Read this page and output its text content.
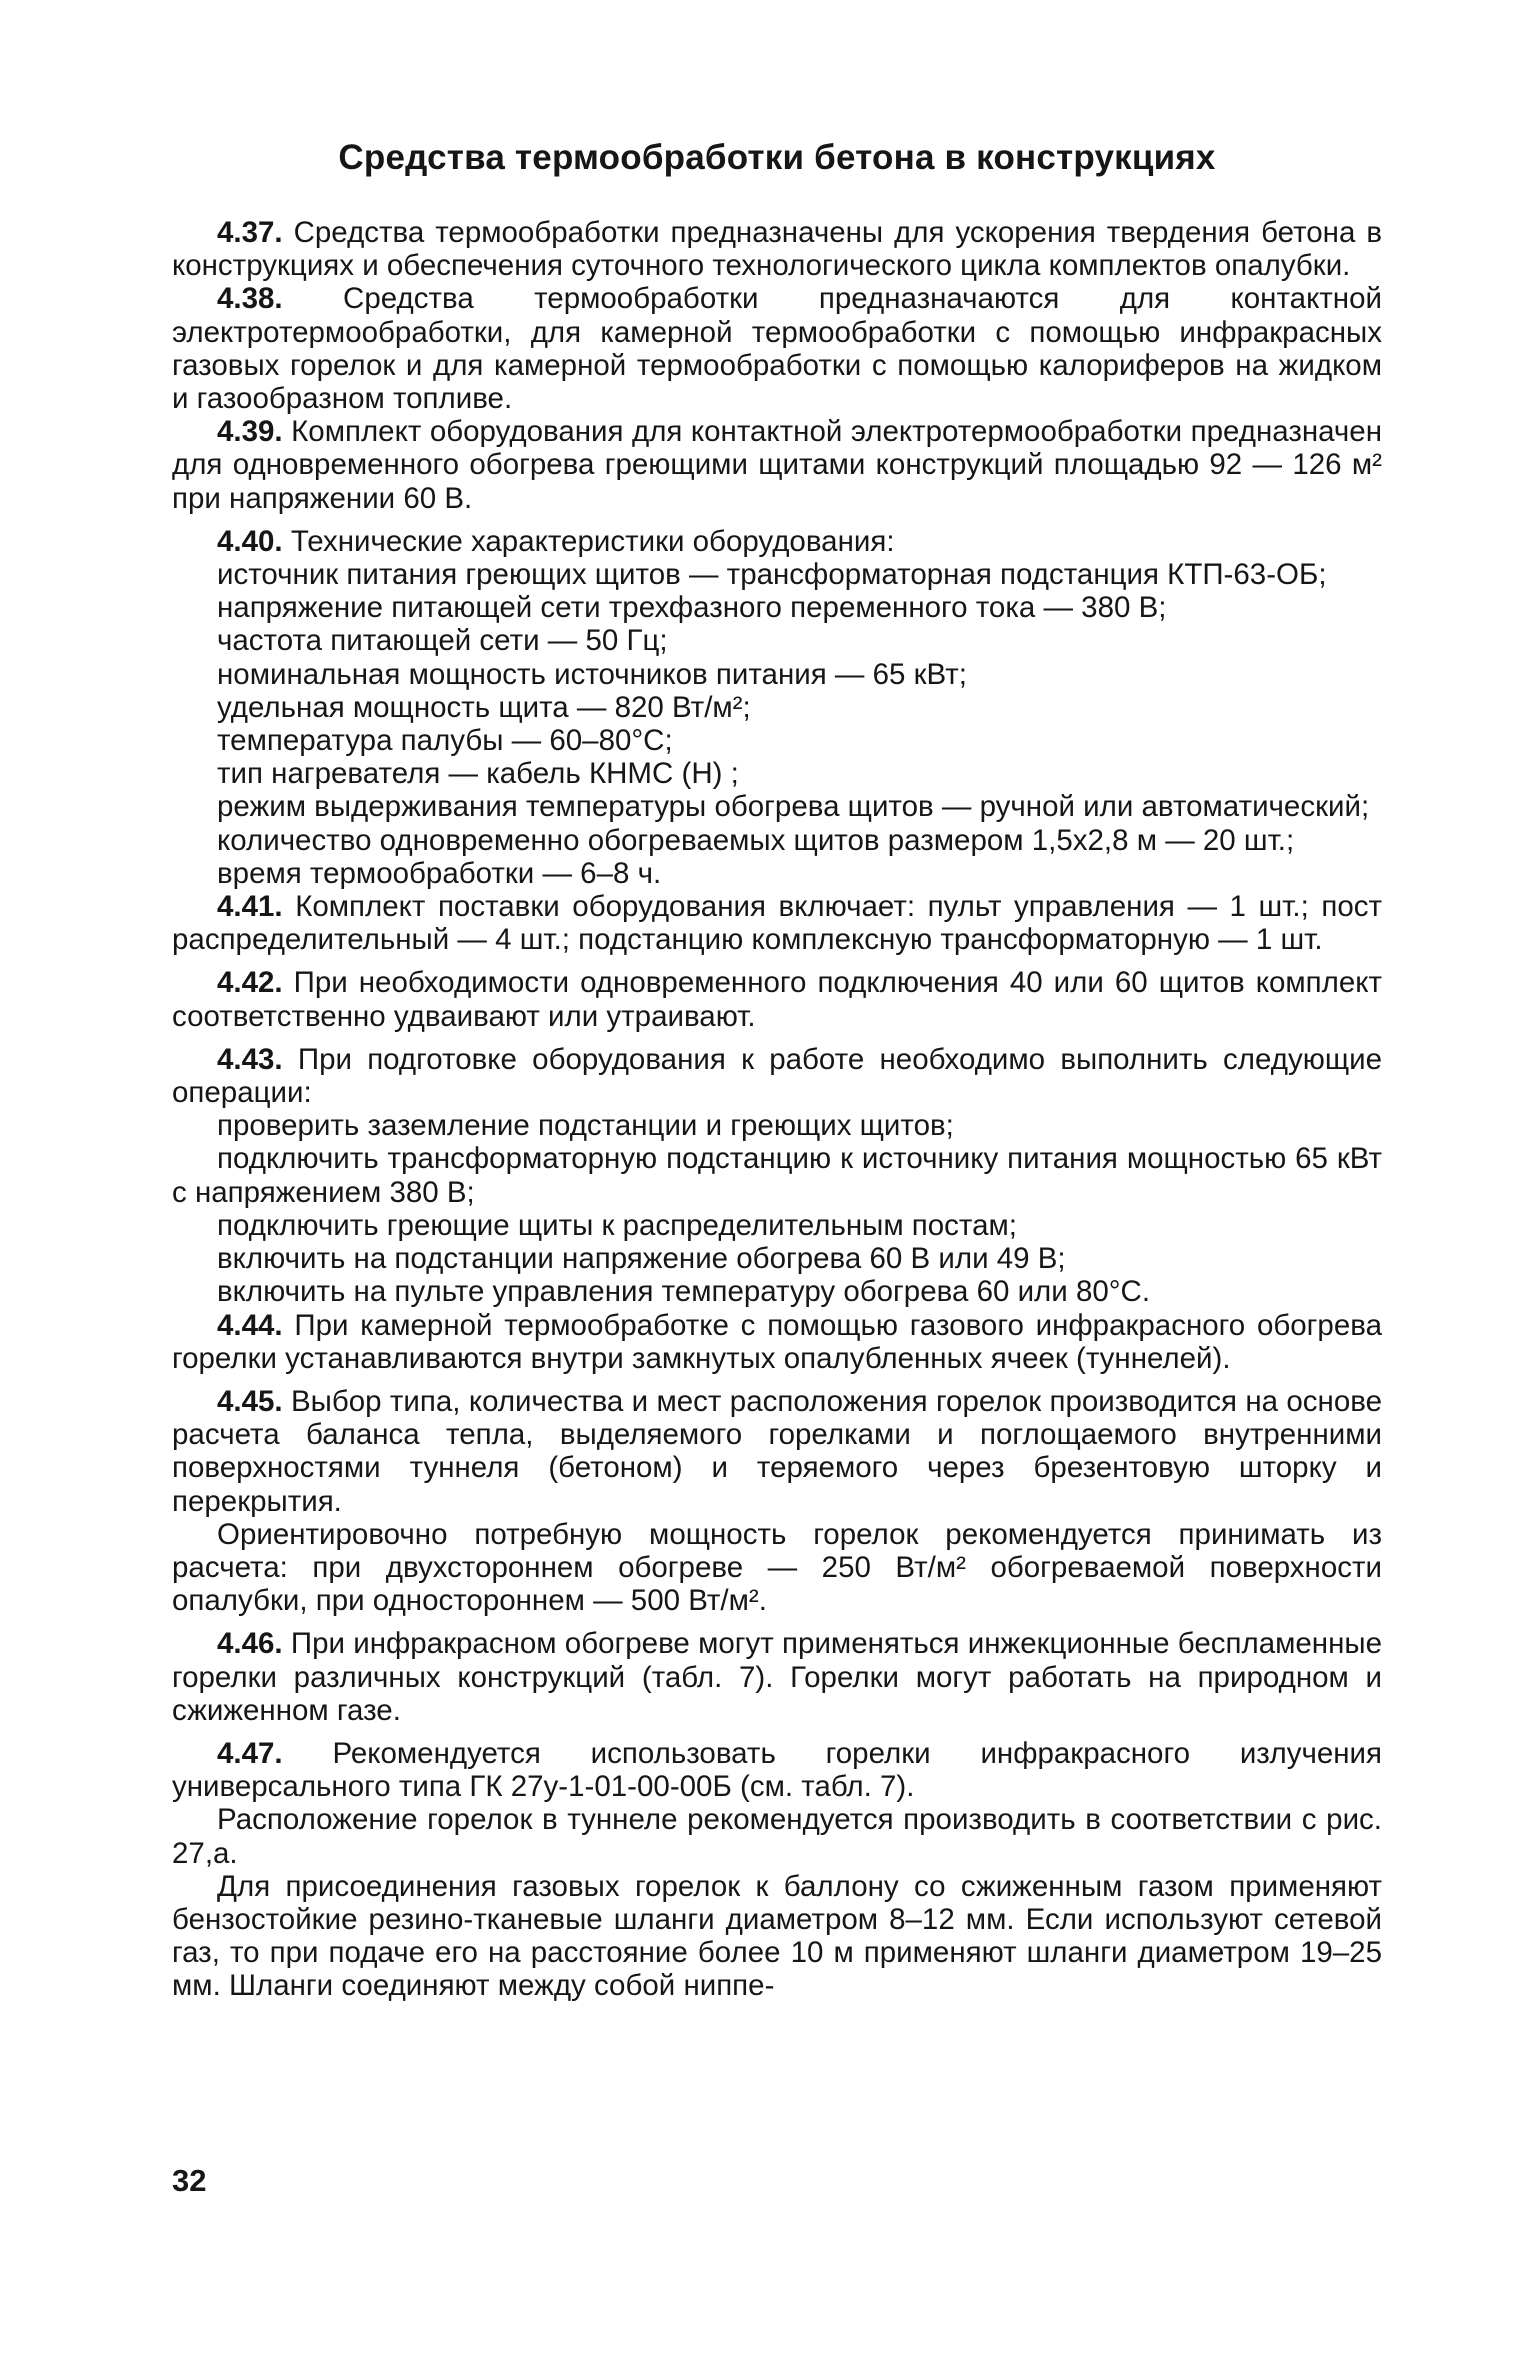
Средства термообработки бетона в конструкциях

4.37. Средства термообработки предназначены для ускорения твердения бетона в конструкциях и обеспечения суточного технологического цикла комплектов опалубки.

4.38. Средства термообработки предназначаются для контактной электротермообработки, для камерной термообработки с помощью инфракрасных газовых горелок и для камерной термообработки с помощью калориферов на жидком и газообразном топливе.

4.39. Комплект оборудования для контактной электротермообработки предназначен для одновременного обогрева греющими щитами конструкций площадью 92 — 126 м² при напряжении 60 В.

4.40. Технические характеристики оборудования:

источник питания греющих щитов — трансформаторная подстанция КТП-63-ОБ;

напряжение питающей сети трехфазного переменного тока — 380 В;

частота питающей сети — 50 Гц;

номинальная мощность источников питания — 65 кВт;

удельная мощность щита — 820 Вт/м²;

температура палубы — 60–80°С;

тип нагревателя — кабель КНМС (Н) ;

режим выдерживания температуры обогрева щитов — ручной или автоматический;

количество одновременно обогреваемых щитов размером 1,5х2,8 м — 20 шт.;

время термообработки — 6–8 ч.

4.41. Комплект поставки оборудования включает: пульт управления — 1 шт.; пост распределительный — 4 шт.; подстанцию комплексную трансформаторную — 1 шт.

4.42. При необходимости одновременного подключения 40 или 60 щитов комплект соответственно удваивают или утраивают.

4.43. При подготовке оборудования к работе необходимо выполнить следующие операции:

проверить заземление подстанции и греющих щитов;

подключить трансформаторную подстанцию к источнику питания мощностью 65 кВт с напряжением 380 В;

подключить греющие щиты к распределительным постам;

включить на подстанции напряжение обогрева 60 В или 49 В;

включить на пульте управления температуру обогрева 60 или 80°С.

4.44. При камерной термообработке с помощью газового инфракрасного обогрева горелки устанавливаются внутри замкнутых опалубленных ячеек (туннелей).

4.45. Выбор типа, количества и мест расположения горелок производится на основе расчета баланса тепла, выделяемого горелками и поглощаемого внутренними поверхностями туннеля (бетоном) и теряемого через брезентовую шторку и перекрытия.

Ориентировочно потребную мощность горелок рекомендуется принимать из расчета: при двухстороннем обогреве — 250 Вт/м² обогреваемой поверхности опалубки, при одностороннем — 500 Вт/м².

4.46. При инфракрасном обогреве могут применяться инжекционные беспламенные горелки различных конструкций (табл. 7). Горелки могут работать на природном и сжиженном газе.

4.47. Рекомендуется использовать горелки инфракрасного излучения универсального типа ГК 27у-1-01-00-00Б (см. табл. 7).

Расположение горелок в туннеле рекомендуется производить в соответствии с рис. 27,а.

Для присоединения газовых горелок к баллону со сжиженным газом применяют бензостойкие резино-тканевые шланги диаметром 8–12 мм. Если используют сетевой газ, то при подаче его на расстояние более 10 м применяют шланги диаметром 19–25 мм. Шланги соединяют между собой ниппе-

32
